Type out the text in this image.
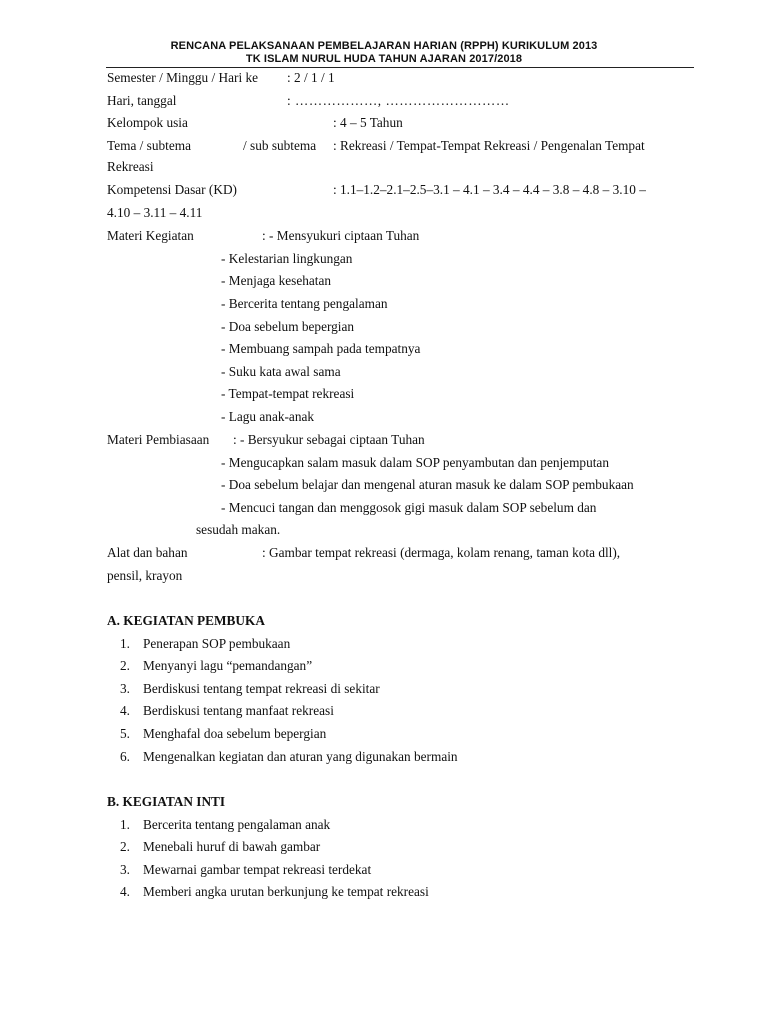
RENCANA PELAKSANAAN PEMBELAJARAN HARIAN (RPPH) KURIKULUM 2013
TK ISLAM NURUL HUDA TAHUN AJARAN 2017/2018
Semester / Minggu / Hari ke : 2 / 1 / 1
Hari, tanggal	: ………………, ………………………
Kelompok usia	: 4 – 5 Tahun
Tema / subtema	/ sub subtema : Rekreasi / Tempat-Tempat Rekreasi / Pengenalan Tempat
Rekreasi
Kompetensi Dasar (KD)	: 1.1–1.2–2.1–2.5–3.1 – 4.1 – 3.4 – 4.4 – 3.8 – 4.8 – 3.10 –
4.10 – 3.11 – 4.11
Materi Kegiatan	: - Mensyukuri ciptaan Tuhan
- Kelestarian lingkungan
- Menjaga kesehatan
- Bercerita tentang pengalaman
- Doa sebelum bepergian
- Membuang sampah pada tempatnya
- Suku kata awal sama
- Tempat-tempat rekreasi
- Lagu anak-anak
Materi Pembiasaan : - Bersyukur sebagai ciptaan Tuhan
- Mengucapkan salam masuk dalam SOP penyambutan dan penjemputan
- Doa sebelum belajar dan mengenal aturan masuk ke dalam SOP pembukaan
- Mencuci tangan dan menggosok gigi masuk dalam SOP sebelum dan
sesudah makan.
Alat dan bahan	: Gambar tempat rekreasi (dermaga, kolam renang, taman kota dll),
pensil, krayon
A. KEGIATAN PEMBUKA
1. Penerapan SOP pembukaan
2. Menyanyi lagu “pemandangan”
3. Berdiskusi tentang tempat rekreasi di sekitar
4. Berdiskusi tentang manfaat rekreasi
5. Menghafal doa sebelum bepergian
6. Mengenalkan kegiatan dan aturan yang digunakan bermain
B. KEGIATAN INTI
1. Bercerita tentang pengalaman anak
2. Menebali huruf di bawah gambar
3. Mewarnai gambar tempat rekreasi terdekat
4. Memberi angka urutan berkunjung ke tempat rekreasi
